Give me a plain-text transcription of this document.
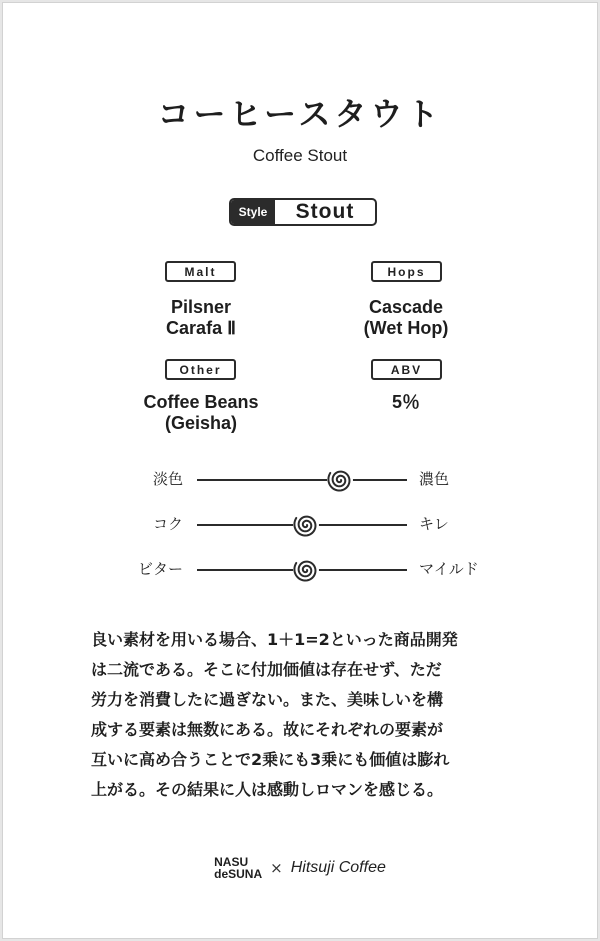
コーヒースタウト
Coffee Stout
Style	Stout
Malt
Pilsner
Carafa Ⅱ
Hops
Cascade
(Wet Hop)
Other
Coffee Beans
(Geisha)
ABV
5％
淡色	濃色
コク	キレ
ビター	マイルド

良い素材を用いる場合、1＋1=2といった商品開発

は二流である。そこに付加価値は存在せず、ただ

労力を消費したに過ぎない。また、美味しいを構

成する要素は無数にある。故にそれぞれの要素が

互いに高め合うことで2乗にも3乗にも価値は膨れ

上がる。その結果に人は感動しロマンを感じる。

NASU
deSUNA × Hitsuji Coffee
